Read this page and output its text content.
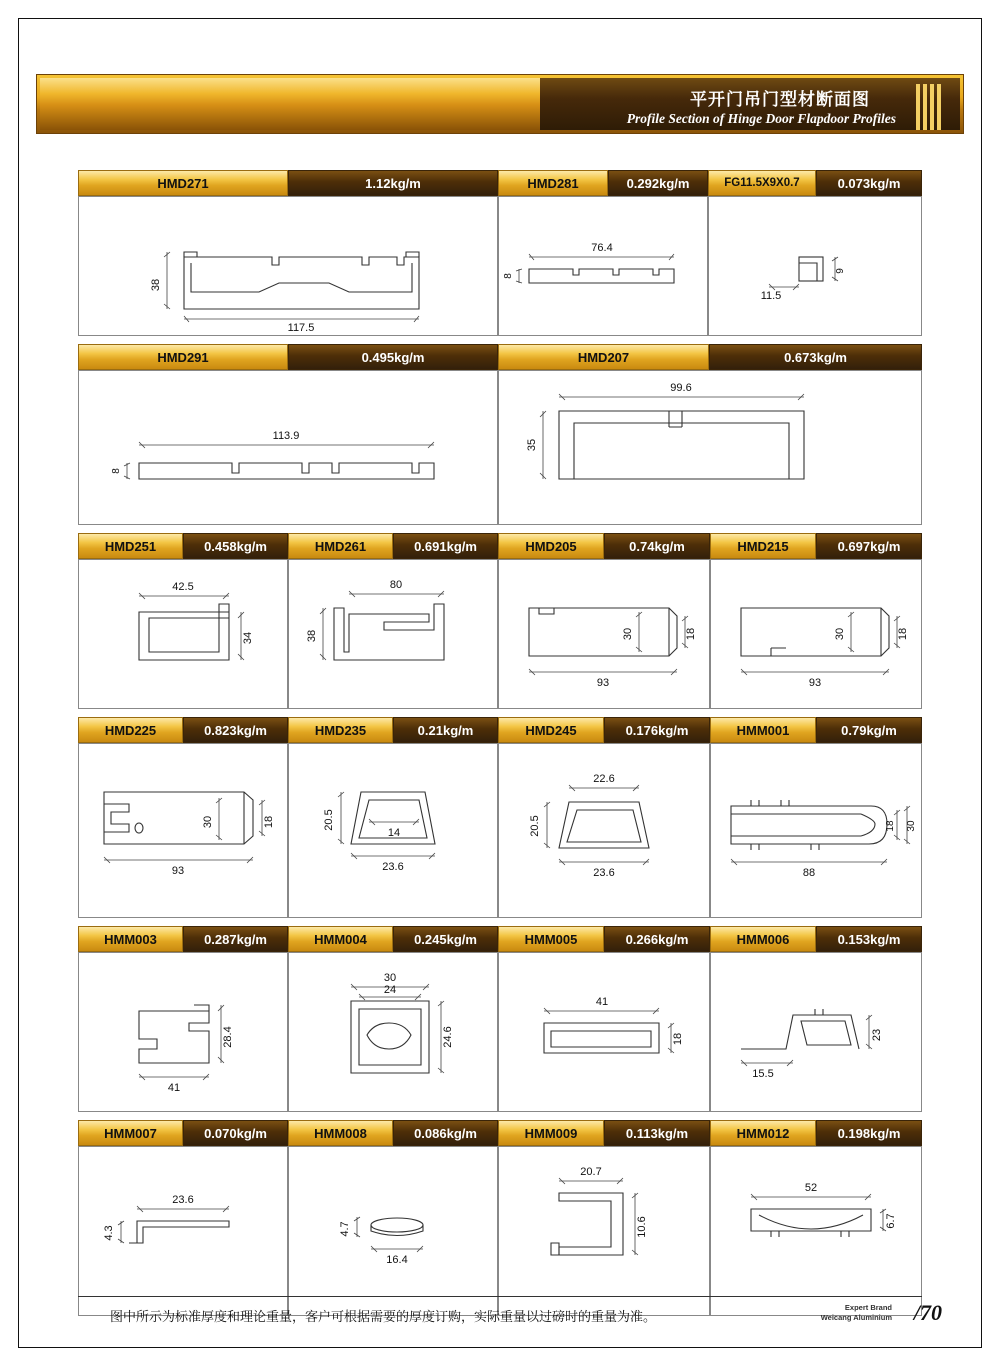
平开门吊门型材断面图
Profile Section of Hinge Door Flapdoor Profiles
HMD271	1.12kg/m	HMD281	0.292kg/m	FG11.5X9X0.7	0.073kg/m
38
117.5
76.4
8
11.5
9
HMD291	0.495kg/m	HMD207	0.673kg/m
113.9
8
99.6
35
HMD251	0.458kg/m	HMD261	0.691kg/m	HMD205	0.74kg/m	HMD215	0.697kg/m
42.5
34
80
38	30	18
93
30	18
93
HMD225	0.823kg/m	HMD235	0.21kg/m	HMD245	0.176kg/m	HMM001	0.79kg/m
30	18
93
20.5
14
23.6
22.6
20.5
23.6
18 30
88
HMM003	0.287kg/m	HMM004	0.245kg/m	HMM005	0.266kg/m	HMM006	0.153kg/m
28.4
41
30
24
24.6
41
18	23
15.5
HMM007	0.070kg/m	HMM008	0.086kg/m	HMM009	0.113kg/m	HMM012	0.198kg/m
23.6
4.3	4.7
16.4
20.7
10.6
52
6.7
图中所示为标准厚度和理论重量，客户可根据需要的厚度订购，实际重量以过磅时的重量为准。
Expert Brand
Weicang Aluminium /70
